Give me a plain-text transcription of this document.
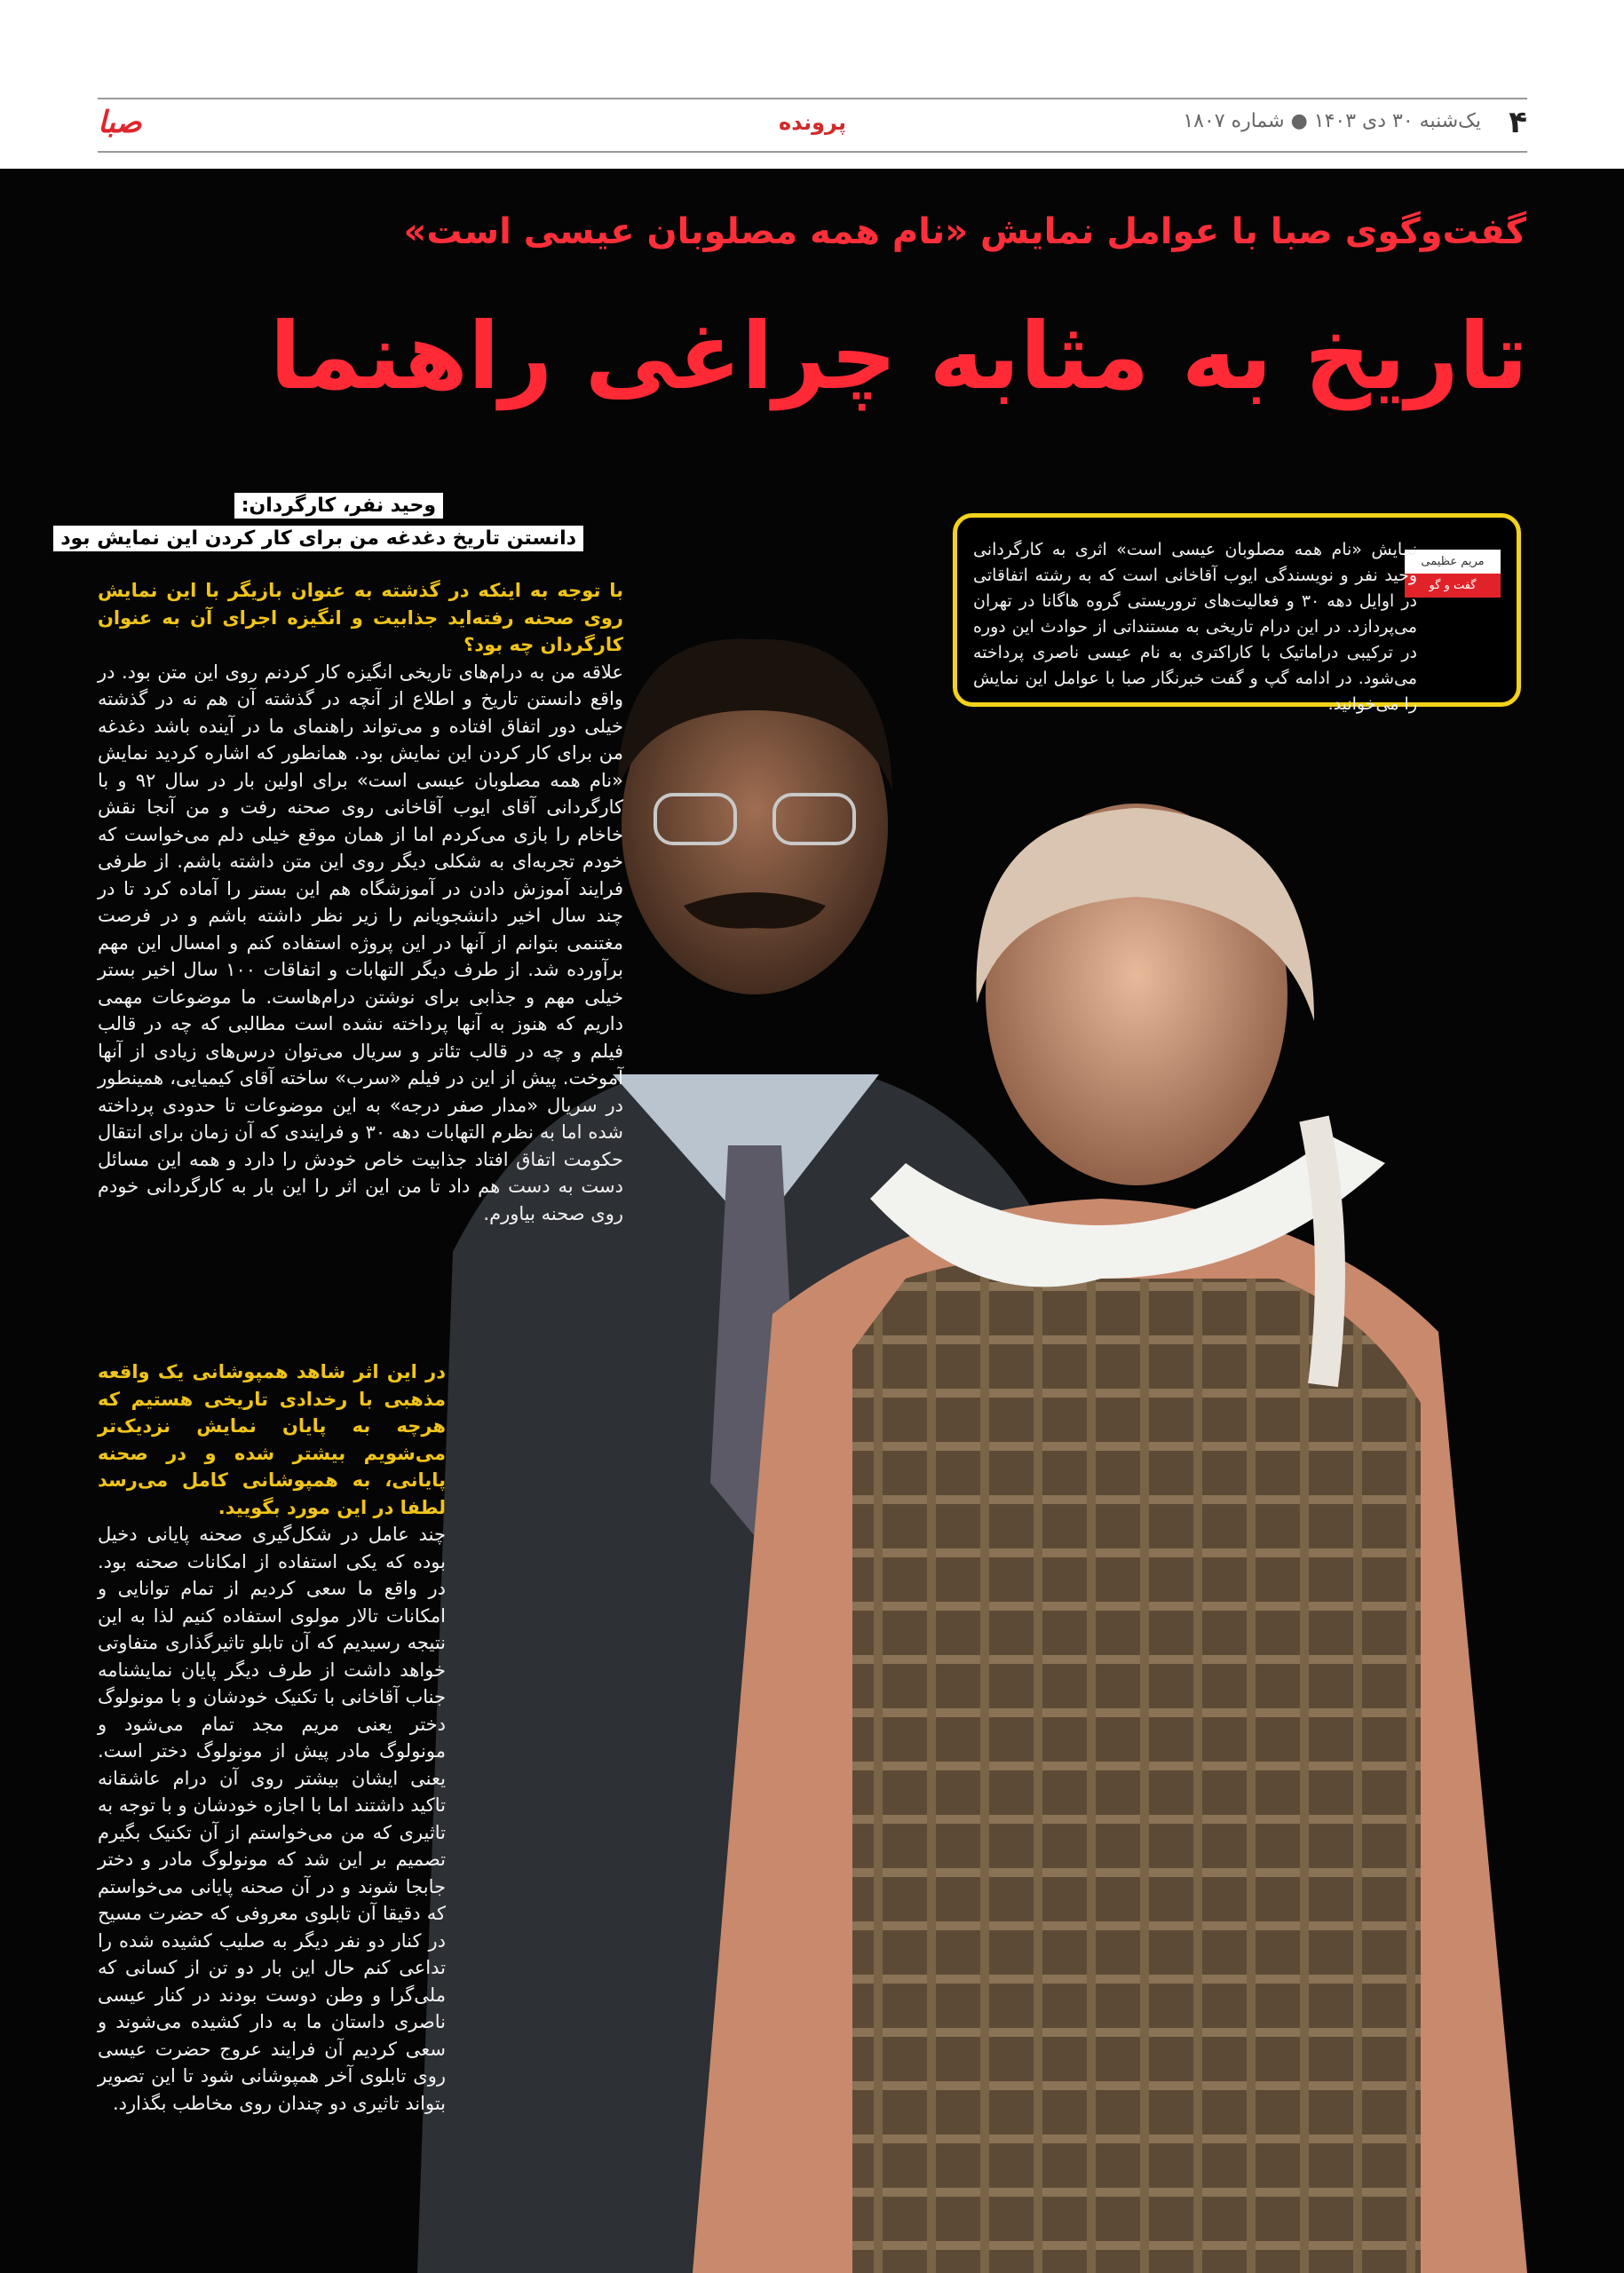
۴
یک‌شنبه ۳۰ دی ۱۴۰۳ ● شماره ۱۸۰۷
پرونده
صبا
گفت‌وگوی صبا با عوامل نمایش «نام همه مصلوبان عیسی است»
تاریخ به مثابه چراغی راهنما
مریم عظیمی
گفت و گو
نمایش «نام همه مصلوبان عیسی است» اثری به کارگردانی وحید نفر و نویسندگی ایوب آقاخانی است که به رشته اتفاقاتی در اوایل دهه ۳۰ و فعالیت‌های تروریستی گروه هاگانا در تهران می‌پردازد. در این درام تاریخی به مستنداتی از حوادث این دوره در ترکیبی دراماتیک با کاراکتری به نام عیسی ناصری پرداخته می‌شود. در ادامه گپ و گفت خبرنگار صبا با عوامل این نمایش را می‌خوانید.
وحید نفر، کارگردان:
دانستن تاریخ دغدغه من برای کار کردن این نمایش بود

با توجه به اینکه در گذشته به عنوان بازیگر با این نمایش روی صحنه رفته‌اید جذابیت و انگیزه اجرای آن به عنوان کارگردان چه بود؟

علاقه من به درام‌های تاریخی انگیزه کار کردنم روی این متن بود. در واقع دانستن تاریخ و اطلاع از آنچه در گذشته آن هم نه در گذشته خیلی دور اتفاق افتاده و می‌تواند راهنمای ما در آینده باشد دغدغه من برای کار کردن این نمایش بود. همانطور که اشاره کردید نمایش «نام همه مصلوبان عیسی است» برای اولین بار در سال ۹۲ و با کارگردانی آقای ایوب آقاخانی روی صحنه رفت و من آنجا نقش خاخام را بازی می‌کردم اما از همان موقع خیلی دلم می‌خواست که خودم تجربه‌ای به شکلی دیگر روی این متن داشته باشم. از طرفی فرایند آموزش دادن در آموزشگاه هم این بستر را آماده کرد تا در چند سال اخیر دانشجویانم را زیر نظر داشته باشم و در فرصت مغتنمی بتوانم از آنها در این پروژه استفاده کنم و امسال این مهم برآورده شد. از طرف دیگر التهابات و اتفاقات ۱۰۰ سال اخیر بستر خیلی مهم و جذابی برای نوشتن درام‌هاست. ما موضوعات مهمی داریم که هنوز به آنها پرداخته نشده است مطالبی که چه در قالب فیلم و چه در قالب تئاتر و سریال می‌توان درس‌های زیادی از آنها آموخت. پیش از این در فیلم «سرب» ساخته آقای کیمیایی، همینطور در سریال «مدار صفر درجه» به این موضوعات تا حدودی پرداخته شده اما به نظرم التهابات دهه ۳۰ و فرایندی که آن زمان برای انتقال حکومت اتفاق افتاد جذابیت خاص خودش را دارد و همه این مسائل دست به دست هم داد تا من این اثر را این بار به کارگردانی خودم روی صحنه بیاورم.

در این اثر شاهد همپوشانی یک واقعه مذهبی با رخدادی تاریخی هستیم که هرچه به پایان نمایش نزدیک‌تر می‌شویم بیشتر شده و در صحنه پایانی، به همپوشانی کامل می‌رسد لطفا در این مورد بگویید.

چند عامل در شکل‌گیری صحنه پایانی دخیل بوده که یکی استفاده از امکانات صحنه بود. در واقع ما سعی کردیم از تمام توانایی و امکانات تالار مولوی استفاده کنیم لذا به این نتیجه رسیدیم که آن تابلو تاثیرگذاری متفاوتی خواهد داشت از طرف دیگر پایان نمایشنامه جناب آقاخانی با تکنیک خودشان و با مونولوگ دختر یعنی مریم مجد تمام می‌شود و مونولوگ مادر پیش از مونولوگ دختر است. یعنی ایشان بیشتر روی آن درام عاشقانه تاکید داشتند اما با اجازه خودشان و با توجه به تاثیری که من می‌خواستم از آن تکنیک بگیرم تصمیم بر این شد که مونولوگ مادر و دختر جابجا شوند و در آن صحنه پایانی می‌خواستم که دقیقا آن تابلوی معروفی که حضرت مسیح در کنار دو نفر دیگر به صلیب کشیده شده را تداعی کنم حال این بار دو تن از کسانی که ملی‌گرا و وطن دوست بودند در کنار عیسی ناصری داستان ما به دار کشیده می‌شوند و سعی کردیم آن فرایند عروج حضرت عیسی روی تابلوی آخر همپوشانی شود تا این تصویر بتواند تاثیری دو چندان روی مخاطب بگذارد.
